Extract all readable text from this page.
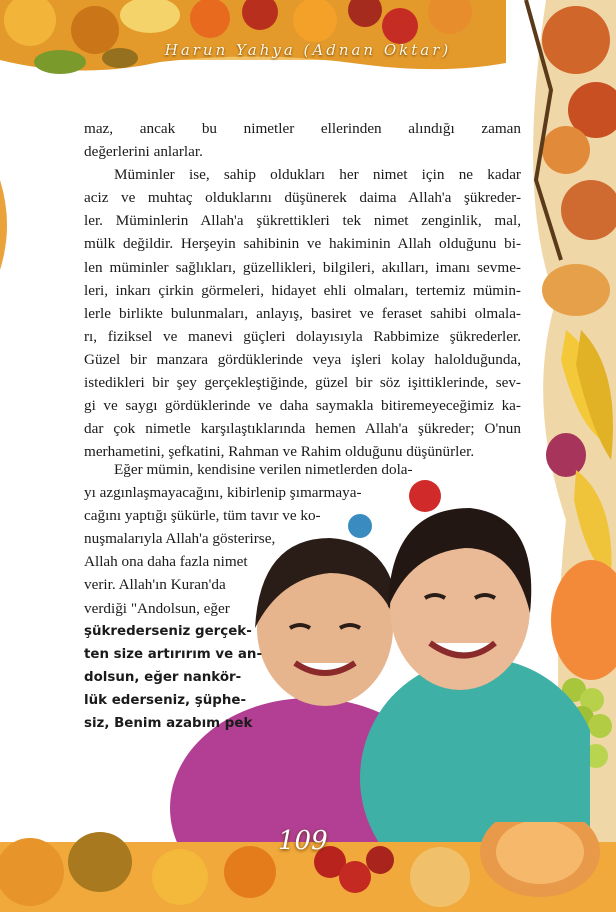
Harun Yahya (Adnan Oktar)
maz, ancak bu nimetler ellerinden alındığı zaman
değerlerini anlarlar.
Müminler ise, sahip oldukları her nimet için ne kadar
aciz ve muhtaç olduklarını düşünerek daima Allah'a şükreder-
ler. Müminlerin Allah'a şükrettikleri tek nimet zenginlik, mal,
mülk değildir. Herşeyin sahibinin ve hakiminin Allah olduğunu bi-
len müminler sağlıkları, güzellikleri, bilgileri, akılları, imanı sevme-
leri, inkarı çirkin görmeleri, hidayet ehli olmaları, tertemiz mümin-
lerle birlikte bulunmaları, anlayış, basiret ve feraset sahibi olmala-
rı, fiziksel ve manevi güçleri dolayısıyla Rabbimize şükrederler.
Güzel bir manzara gördüklerinde veya işleri kolay halolduğunda,
istedikleri bir şey gerçekleştiğinde, güzel bir söz işittiklerinde, sev-
gi ve saygı gördüklerinde ve daha saymakla bitiremeyeceğimiz ka-
dar çok nimetle karşılaştıklarında hemen Allah'a şükreder; O'nun
merhametini, şefkatini, Rahman ve Rahim olduğunu düşünürler.
Eğer mümin, kendisine verilen nimetlerden dola-
yı azgınlaşmayacağını, kibirlenip şımarmaya-
cağını yaptığı şükürle, tüm tavır ve ko-
nuşmalarıyla Allah'a gösterirse,
Allah ona daha fazla nimet
verir. Allah'ın Kuran'da
verdiği "Andolsun, eğer
şükrederseniz gerçek-
ten size artırırım ve an-
dolsun, eğer nankör-
lük ederseniz, şüphe-
siz, Benim azabım pek
109
